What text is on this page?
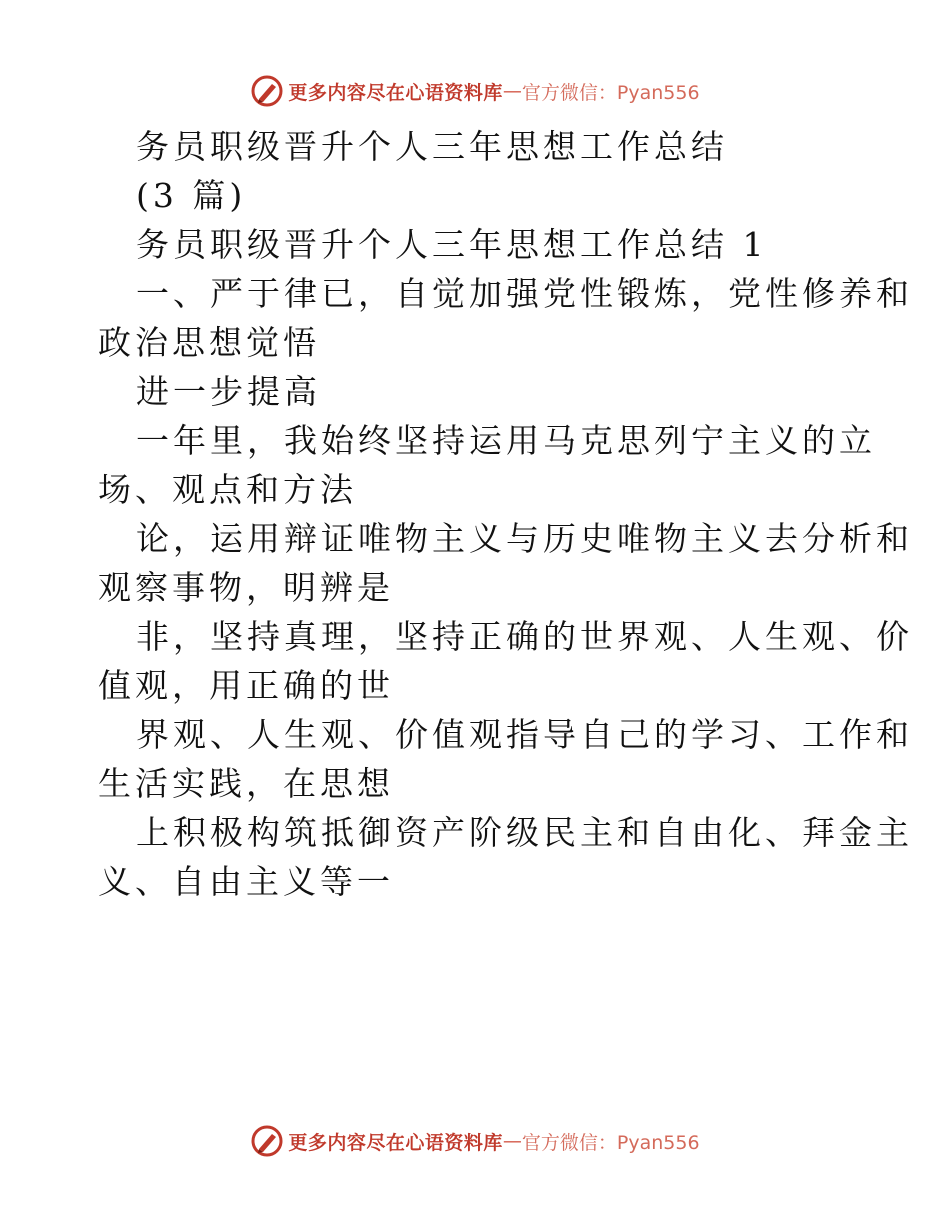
更多内容尽在心语资料库 — 官方微信：Pyan556
务员职级晋升个人三年思想工作总结
(3 篇)
务员职级晋升个人三年思想工作总结 1
一、严于律已，自觉加强党性锻炼，党性修养和
政治思想觉悟
进一步提高
一年里，我始终坚持运用马克思列宁主义的立
场、观点和方法
论，运用辩证唯物主义与历史唯物主义去分析和
观察事物，明辨是
非，坚持真理，坚持正确的世界观、人生观、价
值观，用正确的世
界观、人生观、价值观指导自己的学习、工作和
生活实践，在思想
上积极构筑抵御资产阶级民主和自由化、拜金主
义、自由主义等一
更多内容尽在心语资料库 — 官方微信：Pyan556
